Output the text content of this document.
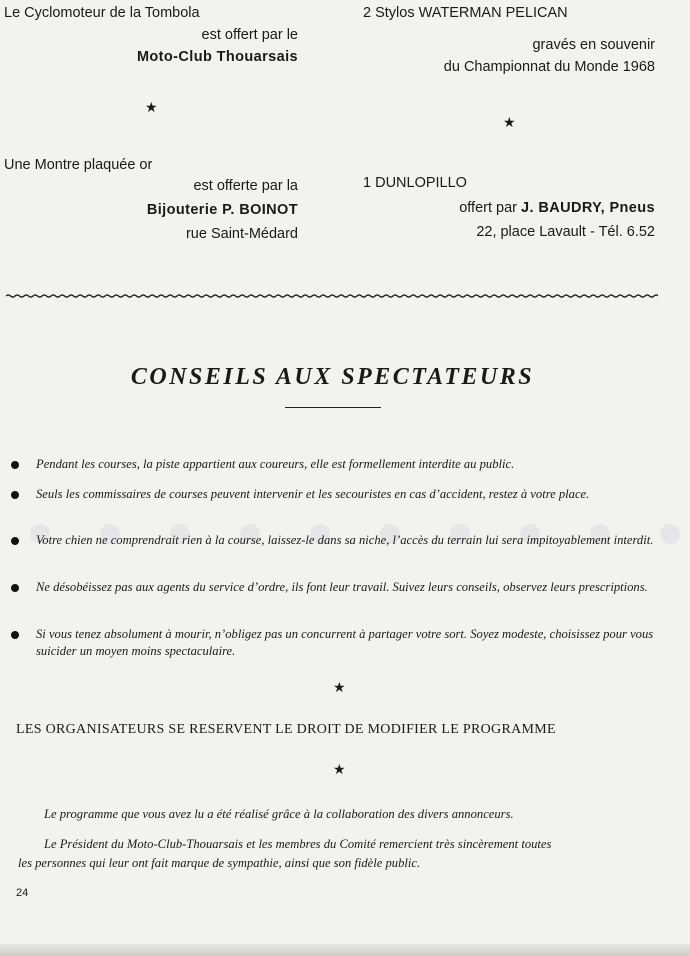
Le Cyclomoteur de la Tombola
est offert par le
Moto-Club Thouarsais
★
2 Stylos WATERMAN PELICAN
gravés en souvenir
du Championnat du Monde 1968
★
Une Montre plaquée or
est offerte par la
Bijouterie P. BOINOT
rue Saint-Médard
1 DUNLOPILLO
offert par J. BAUDRY, Pneus
22, place Lavault - Tél. 6.52
CONSEILS AUX SPECTATEURS
Pendant les courses, la piste appartient aux coureurs, elle est formellement interdite au public.
Seuls les commissaires de courses peuvent intervenir et les secouristes en cas d’accident, restez à votre place.
Votre chien ne comprendrait rien à la course, laissez-le dans sa niche, l’accès du terrain lui sera impitoyablement interdit.
Ne désobéissez pas aux agents du service d’ordre, ils font leur travail. Suivez leurs conseils, observez leurs prescriptions.
Si vous tenez absolument à mourir, n’obligez pas un concurrent à partager votre sort. Soyez modeste, choisissez pour vous suicider un moyen moins spectaculaire.
★
LES ORGANISATEURS SE RESERVENT LE DROIT DE MODIFIER LE PROGRAMME
★
Le programme que vous avez lu a été réalisé grâce à la collaboration des divers annonceurs.
Le Président du Moto-Club-Thouarsais et les membres du Comité remercient très sincèrement toutes
les personnes qui leur ont fait marque de sympathie, ainsi que son fidèle public.
24
